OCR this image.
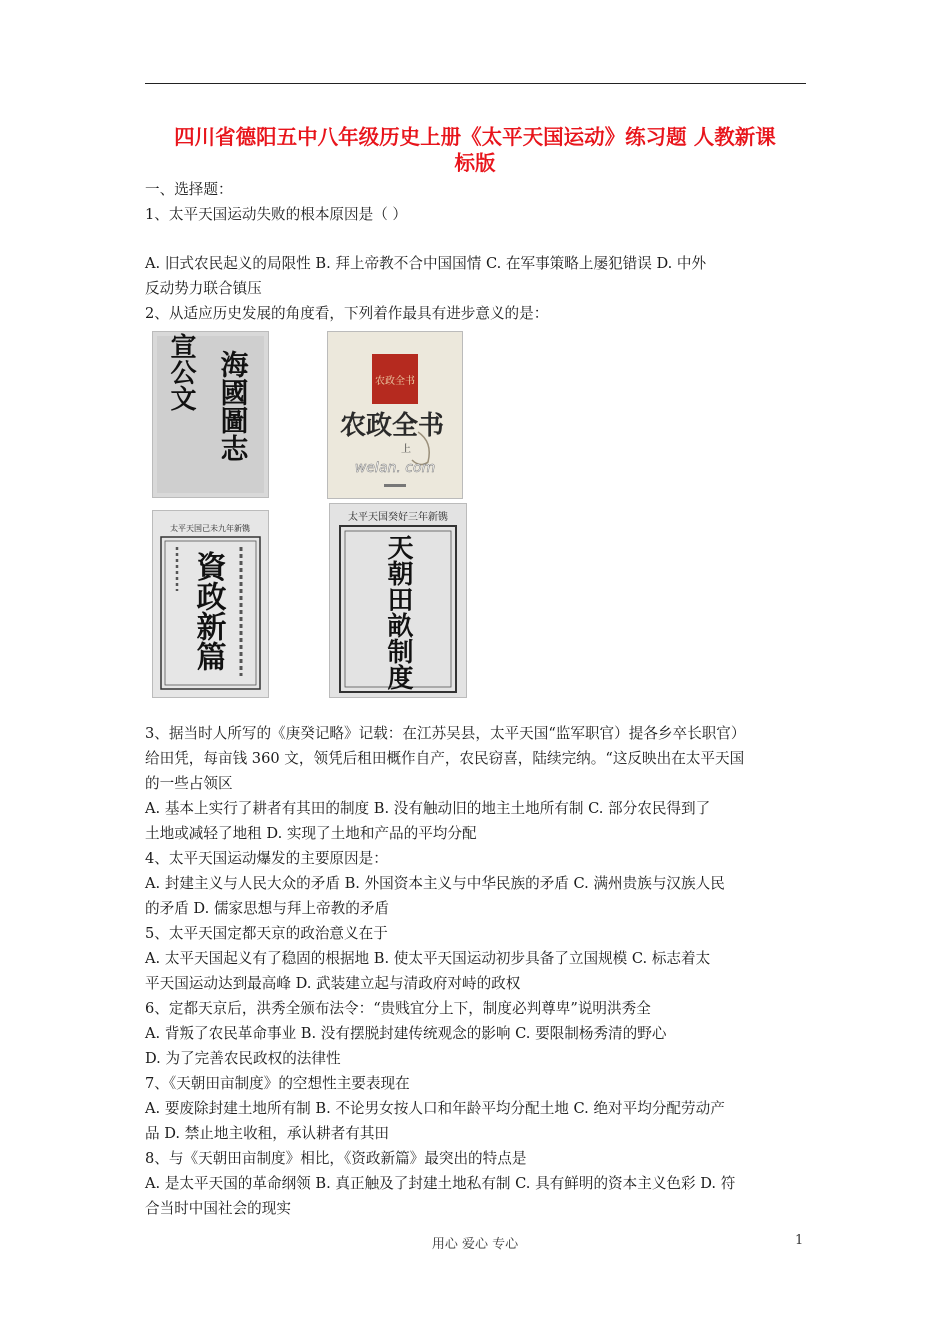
四川省德阳五中八年级历史上册《太平天国运动》练习题 人教新课
标版

一、选择题：

1、太平天国运动失败的根本原因是（ ）

A. 旧式农民起义的局限性 B. 拜上帝教不合中国国情 C. 在军事策略上屡犯错误 D. 中外

反动势力联合镇压

2、从适应历史发展的角度看，下列着作最具有进步意义的是：

宣公文 海國圖志	农政全书
农政全书
上
weIan. com
太平天国己未九年新镌
資政新篇
太平天国癸好三年新镌
天朝田畝制度

3、据当时人所写的《庚癸记略》记载：在江苏吴县，太平天国“监军职官）提各乡卒长职官）

给田凭，每亩钱 360 文，领凭后租田概作自产，农民窃喜，陆续完纳。“这反映出在太平天国

的一些占领区

A. 基本上实行了耕者有其田的制度 B. 没有触动旧的地主土地所有制 C. 部分农民得到了

土地或减轻了地租 D. 实现了土地和产品的平均分配

4、太平天国运动爆发的主要原因是：

A. 封建主义与人民大众的矛盾 B. 外国资本主义与中华民族的矛盾 C. 满州贵族与汉族人民

的矛盾 D. 儒家思想与拜上帝教的矛盾

5、太平天国定都天京的政治意义在于

A. 太平天国起义有了稳固的根据地 B. 使太平天国运动初步具备了立国规模 C. 标志着太

平天国运动达到最高峰 D. 武装建立起与清政府对峙的政权

6、定都天京后，洪秀全颁布法令：“贵贱宜分上下，制度必判尊卑”说明洪秀全

A. 背叛了农民革命事业 B. 没有摆脱封建传统观念的影响 C. 要限制杨秀清的野心

D. 为了完善农民政权的法律性

7、《天朝田亩制度》的空想性主要表现在

A. 要废除封建土地所有制 B. 不论男女按人口和年龄平均分配土地 C. 绝对平均分配劳动产

品 D. 禁止地主收租，承认耕者有其田

8、与《天朝田亩制度》相比，《资政新篇》最突出的特点是

A. 是太平天国的革命纲领 B. 真正触及了封建土地私有制 C. 具有鲜明的资本主义色彩 D. 符

合当时中国社会的现实

用心 爱心 专心	1
